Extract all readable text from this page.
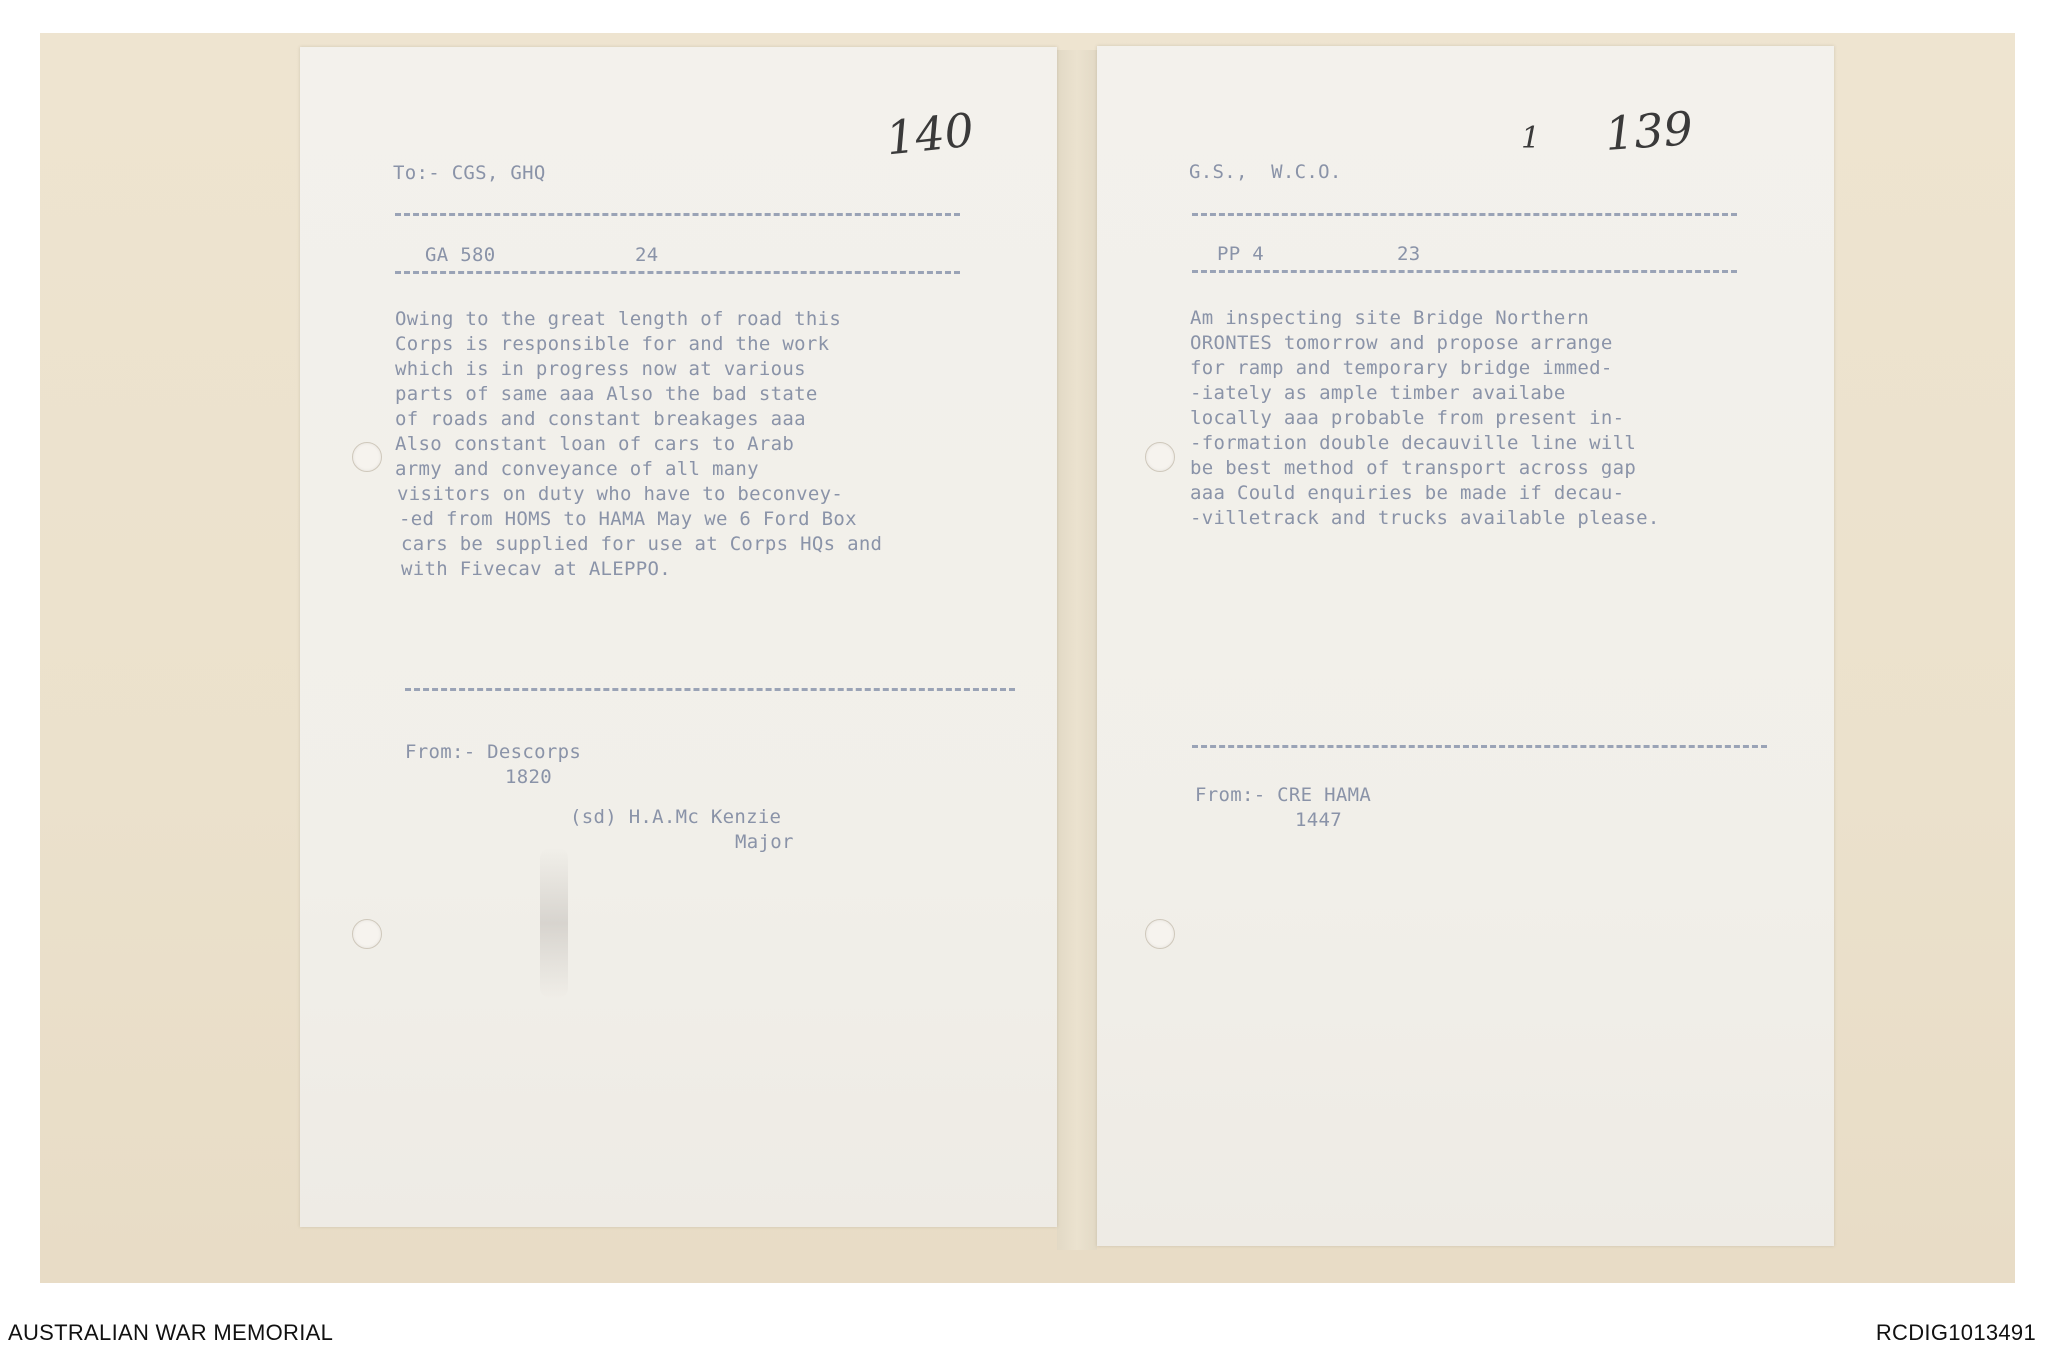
140
To:- CGS, GHQ
GA 580	24
Owing to the great length of road this
Corps is responsible for and the work
which is in progress now at various
parts of same aaa Also the bad state
of roads and constant breakages aaa
Also constant loan of cars to Arab
army and conveyance of all many
visitors on duty who have to beconvey-
-ed from HOMS to HAMA May we 6 Ford Box
cars be supplied for use at Corps HQs and
with Fivecav at ALEPPO.
From:- Descorps
1820
(sd) H.A.Mc Kenzie
Major
139
1
G.S.,  W.C.O.
PP 4	23
Am inspecting site Bridge Northern
ORONTES tomorrow and propose arrange
for ramp and temporary bridge immed-
-iately as ample timber availabe
locally aaa probable from present in-
-formation double decauville line will
be best method of transport across gap
aaa Could enquiries be made if decau-
-villetrack and trucks available please.
From:- CRE HAMA
1447
AUSTRALIAN WAR MEMORIAL	RCDIG1013491
